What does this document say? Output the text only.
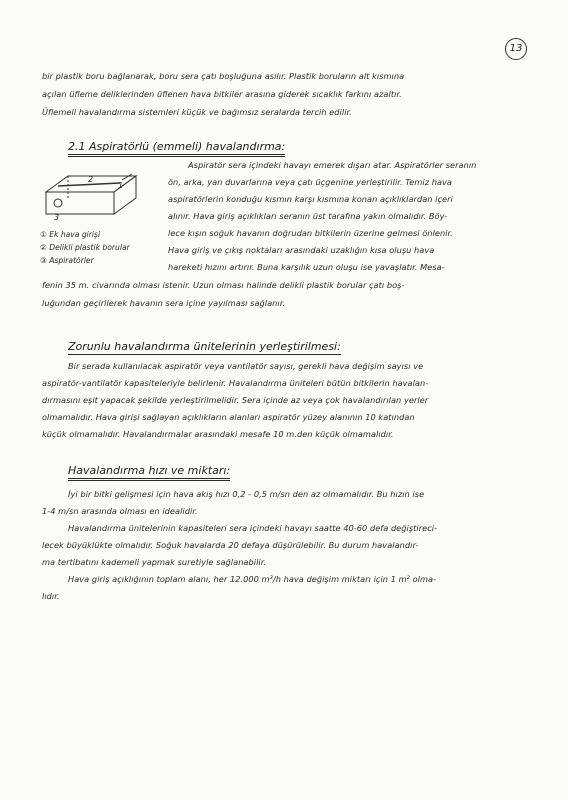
13
bir plastik boru bağlanarak, boru sera çatı boşluğuna asılır. Plastik boruların alt kısmına
açılan üfleme deliklerinden üflenen hava bitkiler arasına giderek sıcaklık farkını azaltır.
Üflemeli havalandırma sistemleri küçük ve bağımsız seralarda tercih edilir.
2.1 Aspiratörlü (emmeli) havalandırma:
2
1
3
① Ek hava girişi
② Delikli plastik borular
③ Aspiratörler
Aspiratör sera içindeki havayı emerek dışarı atar. Aspiratörler seranın
ön, arka, yan duvarlarına veya çatı üçgenine yerleştirilir. Temiz hava
aspiratörlerin konduğu kısmın karşı kısmına konan açıklıklardan içeri
alınır. Hava giriş açıklıkları seranın üst tarafına yakın olmalıdır. Böy-
lece kışın soğuk havanın doğrudan bitkilerin üzerine gelmesi önlenir.
Hava giriş ve çıkış noktaları arasındaki uzaklığın kısa oluşu hava
hareketi hızını artırır. Buna karşılık uzun oluşu ise yavaşlatır. Mesa-
fenin 35 m. civarında olması istenir. Uzun olması halinde delikli plastik borular çatı boş-
luğundan geçirilerek havanın sera içine yayılması sağlanır.
Zorunlu havalandırma ünitelerinin yerleştirilmesi:
Bir serada kullanılacak aspiratör veya vantilatör sayısı, gerekli hava değişim sayısı ve
aspiratör-vantilatör kapasiteleriyle belirlenir. Havalandırma üniteleri bütün bitkilerin havalan-
dırmasını eşit yapacak şekilde yerleştirilmelidir. Sera içinde az veya çok havalandırılan yerler
olmamalıdır. Hava girişi sağlayan açıklıkların alanları aspiratör yüzey alanının 10 katından
küçük olmamalıdır. Havalandırmalar arasındaki mesafe 10 m.den küçük olmamalıdır.
Havalandırma hızı ve miktarı:
İyi bir bitki gelişmesi için hava akış hızı 0,2 - 0,5 m/sn den az olmamalıdır. Bu hızın ise
1-4 m/sn arasında olması en idealidir.
Havalandırma ünitelerinin kapasiteleri sera içindeki havayı saatte 40-60 defa değiştireci-
lecek büyüklükte olmalıdır. Soğuk havalarda 20 defaya düşürülebilir. Bu durum havalandır-
ma tertibatını kademeli yapmak suretiyle sağlanabilir.
Hava giriş açıklığının toplam alanı, her 12.000 m³/h hava değişim miktarı için 1 m² olma-
lıdır.
